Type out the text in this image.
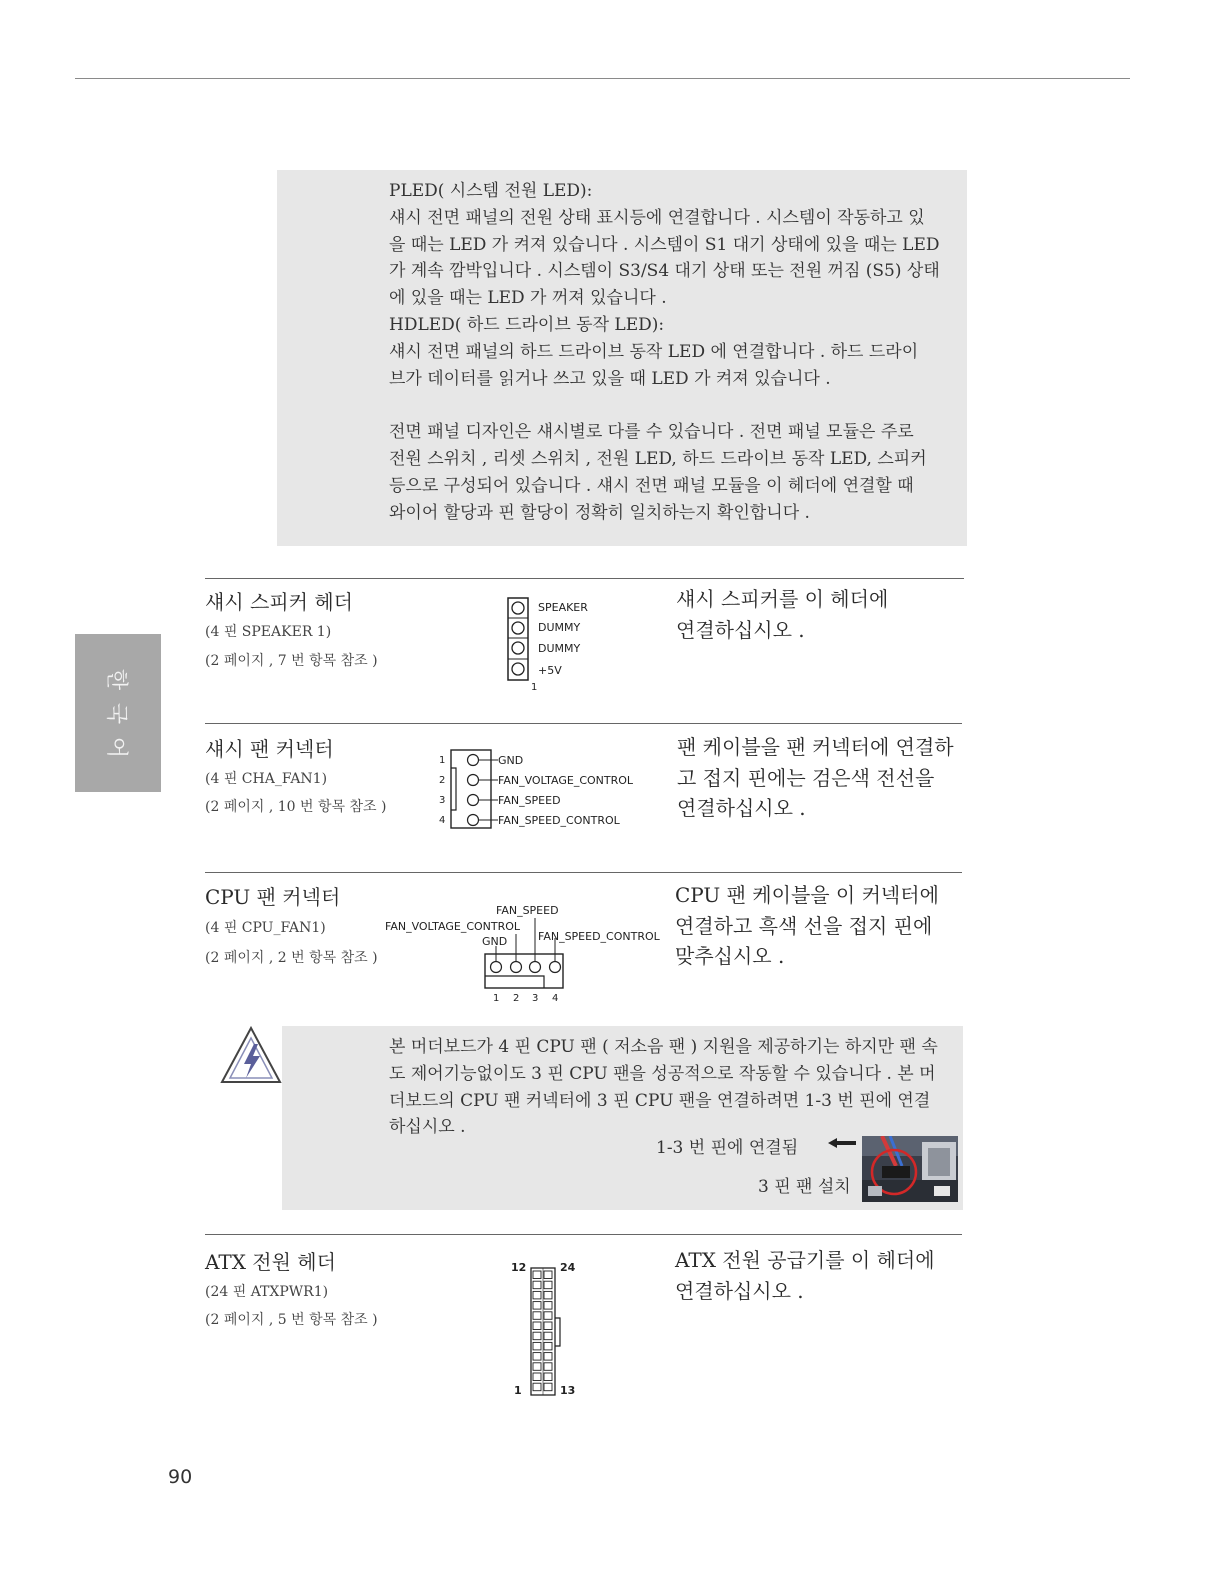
PLED( 시스템 전원 LED):

섀시 전면 패널의 전원 상태 표시등에 연결합니다 . 시스템이 작동하고 있

을 때는 LED 가 켜져 있습니다 . 시스템이 S1 대기 상태에 있을 때는 LED

가 계속 깜박입니다 . 시스템이 S3/S4 대기 상태 또는 전원 꺼짐 (S5) 상태

에 있을 때는 LED 가 꺼져 있습니다 .

HDLED( 하드 드라이브 동작 LED):

섀시 전면 패널의 하드 드라이브 동작 LED 에 연결합니다 . 하드 드라이

브가 데이터를 읽거나 쓰고 있을 때 LED 가 켜져 있습니다 .

전면 패널 디자인은 섀시별로 다를 수 있습니다 . 전면 패널 모듈은 주로

전원 스위치 , 리셋 스위치 , 전원 LED, 하드 드라이브 동작 LED, 스피커

등으로 구성되어 있습니다 . 섀시 전면 패널 모듈을 이 헤더에 연결할 때

와이어 할당과 핀 할당이 정확히 일치하는지 확인합니다 .

한
국
어
섀시 스피커 헤더
(4 핀 SPEAKER 1)
(2 페이지 , 7 번 항목 참조 )
SPEAKER
DUMMY
DUMMY
+5V
1

섀시 스피커를 이 헤더에

연결하십시오 .

섀시 팬 커넥터
(4 핀 CHA_FAN1)
(2 페이지 , 10 번 항목 참조 )
1
2
3
4
GND
FAN_VOLTAGE_CONTROL
FAN_SPEED
FAN_SPEED_CONTROL

팬 케이블을 팬 커넥터에 연결하

고 접지 핀에는 검은색 전선을

연결하십시오 .

CPU 팬 커넥터
(4 핀 CPU_FAN1)
(2 페이지 , 2 번 항목 참조 )
FAN_SPEED
FAN_VOLTAGE_CONTROL
GND	FAN_SPEED_CONTROL
1 2 3 4

CPU 팬 케이블을 이 커넥터에

연결하고 흑색 선을 접지 핀에

맞추십시오 .

본 머더보드가 4 핀 CPU 팬 ( 저소음 팬 ) 지원을 제공하기는 하지만 팬 속

도 제어기능없이도 3 핀 CPU 팬을 성공적으로 작동할 수 있습니다 . 본 머

더보드의 CPU 팬 커넥터에 3 핀 CPU 팬을 연결하려면 1-3 번 핀에 연결

하십시오 .

1-3 번 핀에 연결됨
3 핀 팬 설치
ATX 전원 헤더
(24 핀 ATXPWR1)
(2 페이지 , 5 번 항목 참조 )
12	24
1	13

ATX 전원 공급기를 이 헤더에

연결하십시오 .

90
